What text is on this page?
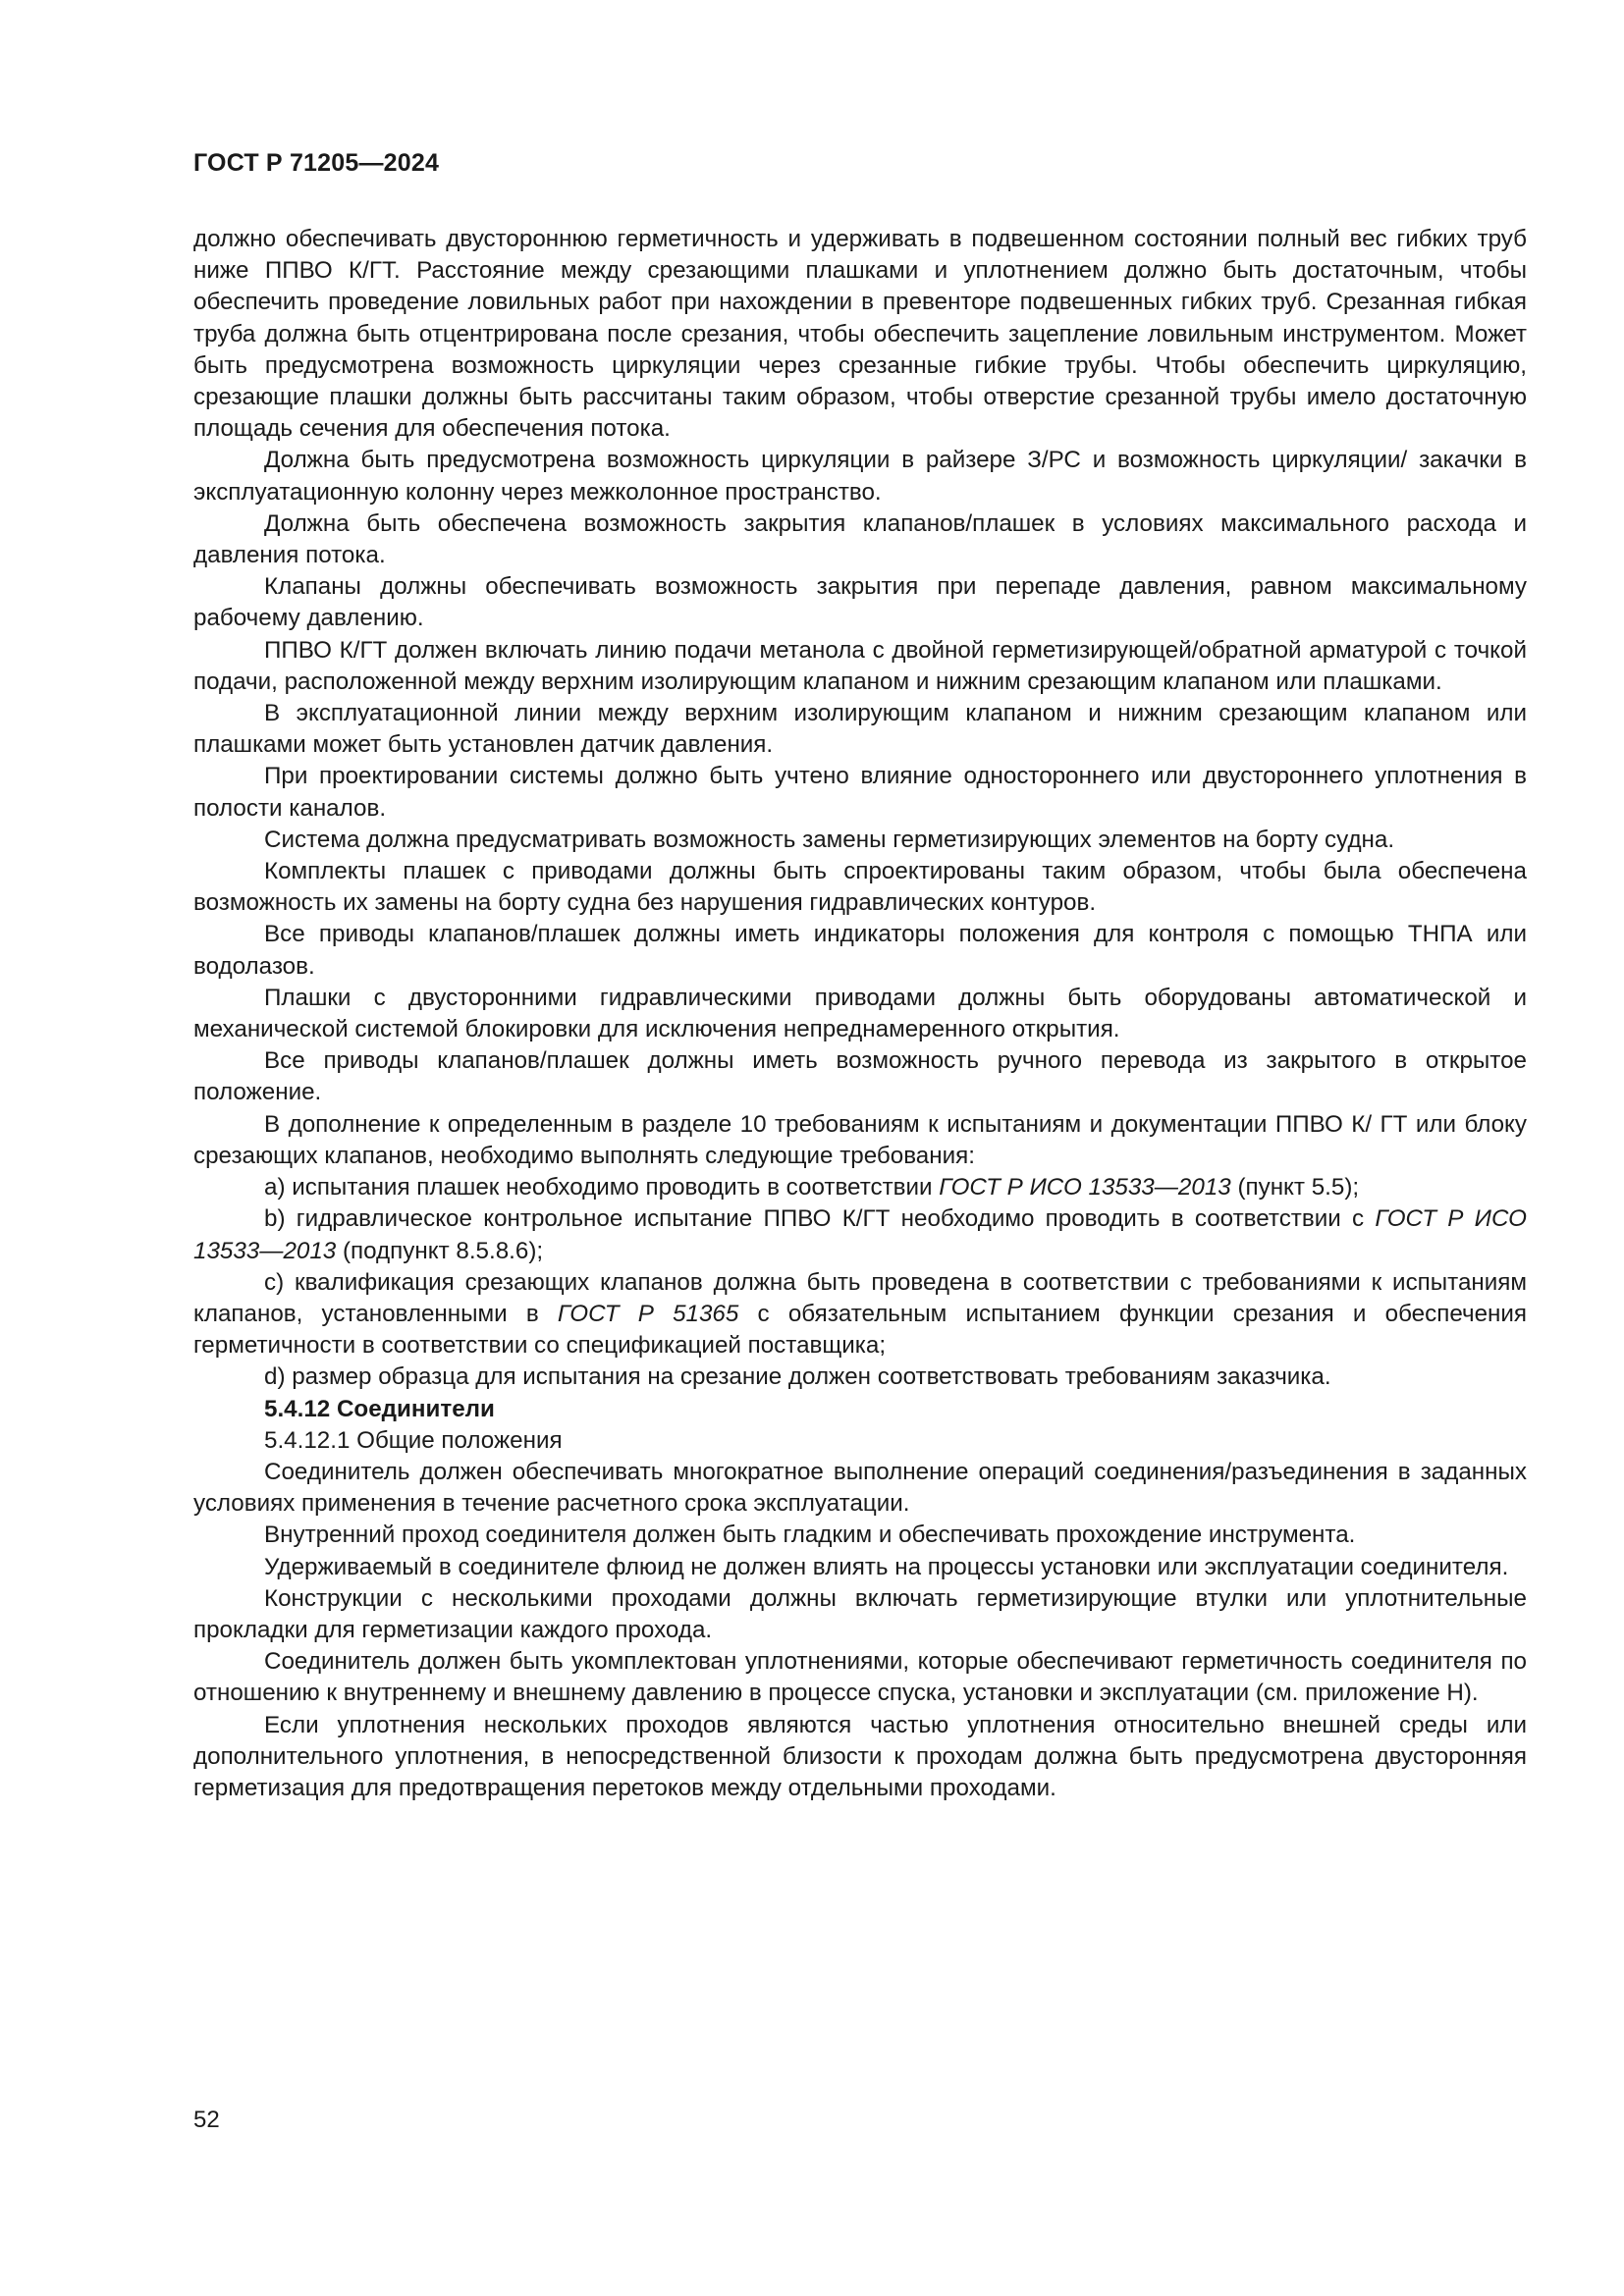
ГОСТ Р 71205—2024

должно обеспечивать двустороннюю герметичность и удерживать в подвешенном состоянии полный вес гибких труб ниже ППВО К/ГТ. Расстояние между срезающими плашками и уплотнением должно быть достаточным, чтобы обеспечить проведение ловильных работ при нахождении в превенторе подвешенных гибких труб. Срезанная гибкая труба должна быть отцентрирована после срезания, чтобы обеспечить зацепление ловильным инструментом. Может быть предусмотрена возможность циркуляции через срезанные гибкие трубы. Чтобы обеспечить циркуляцию, срезающие плашки должны быть рассчитаны таким образом, чтобы отверстие срезанной трубы имело достаточную площадь сечения для обеспечения потока.

Должна быть предусмотрена возможность циркуляции в райзере З/РС и возможность циркуляции/ закачки в эксплуатационную колонну через межколонное пространство.

Должна быть обеспечена возможность закрытия клапанов/плашек в условиях максимального расхода и давления потока.

Клапаны должны обеспечивать возможность закрытия при перепаде давления, равном максимальному рабочему давлению.

ППВО К/ГТ должен включать линию подачи метанола с двойной герметизирующей/обратной арматурой с точкой подачи, расположенной между верхним изолирующим клапаном и нижним срезающим клапаном или плашками.

В эксплуатационной линии между верхним изолирующим клапаном и нижним срезающим клапаном или плашками может быть установлен датчик давления.

При проектировании системы должно быть учтено влияние одностороннего или двустороннего уплотнения в полости каналов.

Система должна предусматривать возможность замены герметизирующих элементов на борту судна.

Комплекты плашек с приводами должны быть спроектированы таким образом, чтобы была обеспечена возможность их замены на борту судна без нарушения гидравлических контуров.

Все приводы клапанов/плашек должны иметь индикаторы положения для контроля с помощью ТНПА или водолазов.

Плашки с двусторонними гидравлическими приводами должны быть оборудованы автоматической и механической системой блокировки для исключения непреднамеренного открытия.

Все приводы клапанов/плашек должны иметь возможность ручного перевода из закрытого в открытое положение.

В дополнение к определенным в разделе 10 требованиям к испытаниям и документации ППВО К/ ГТ или блоку срезающих клапанов, необходимо выполнять следующие требования:

а) испытания плашек необходимо проводить в соответствии ГОСТ Р ИСО 13533—2013 (пункт 5.5);

b) гидравлическое контрольное испытание ППВО К/ГТ необходимо проводить в соответствии с ГОСТ Р ИСО 13533—2013 (подпункт 8.5.8.6);

с) квалификация срезающих клапанов должна быть проведена в соответствии с требованиями к испытаниям клапанов, установленными в ГОСТ Р 51365 с обязательным испытанием функции срезания и обеспечения герметичности в соответствии со спецификацией поставщика;

d) размер образца для испытания на срезание должен соответствовать требованиям заказчика.

5.4.12 Соединители

5.4.12.1 Общие положения

Соединитель должен обеспечивать многократное выполнение операций соединения/разъединения в заданных условиях применения в течение расчетного срока эксплуатации.

Внутренний проход соединителя должен быть гладким и обеспечивать прохождение инструмента.

Удерживаемый в соединителе флюид не должен влиять на процессы установки или эксплуатации соединителя.

Конструкции с несколькими проходами должны включать герметизирующие втулки или уплотнительные прокладки для герметизации каждого прохода.

Соединитель должен быть укомплектован уплотнениями, которые обеспечивают герметичность соединителя по отношению к внутреннему и внешнему давлению в процессе спуска, установки и эксплуатации (см. приложение Н).

Если уплотнения нескольких проходов являются частью уплотнения относительно внешней среды или дополнительного уплотнения, в непосредственной близости к проходам должна быть предусмотрена двусторонняя герметизация для предотвращения перетоков между отдельными проходами.

52
